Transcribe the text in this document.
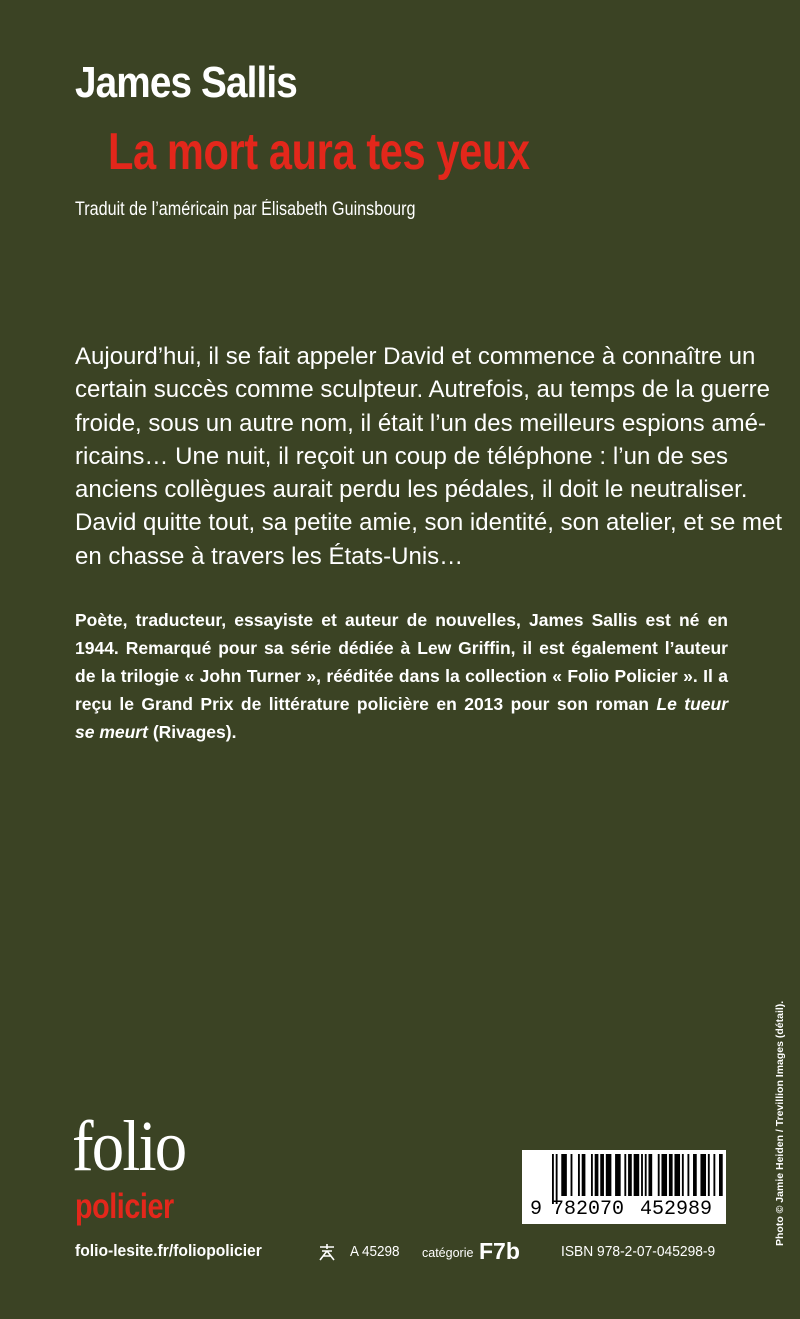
James Sallis
La mort aura tes yeux
Traduit de l’américain par Élisabeth Guinsbourg

Aujourd’hui, il se fait appeler David et commence à connaître un
certain succès comme sculpteur. Autrefois, au temps de la guerre
froide, sous un autre nom, il était l’un des meilleurs espions amé-
ricains… Une nuit, il reçoit un coup de téléphone : l’un de ses
anciens collègues aurait perdu les pédales, il doit le neutraliser.
David quitte tout, sa petite amie, son identité, son atelier, et se met
en chasse à travers les États-Unis…

Poète, traducteur, essayiste et auteur de nouvelles, James Sallis est né en
1944. Remarqué pour sa série dédiée à Lew Griffin, il est également l’auteur
de la trilogie « John Turner », rééditée dans la collection « Folio Policier ». Il a
reçu le Grand Prix de littérature policière en 2013 pour son roman Le tueur
se meurt (Rivages).

Photo © Jamie Heiden / Trevillion Images (détail).
folio
policier
folio-lesite.fr/foliopolicier	A 45298 catégorie F7b	ISBN 978-2-07-045298-9
9 782070 452989
